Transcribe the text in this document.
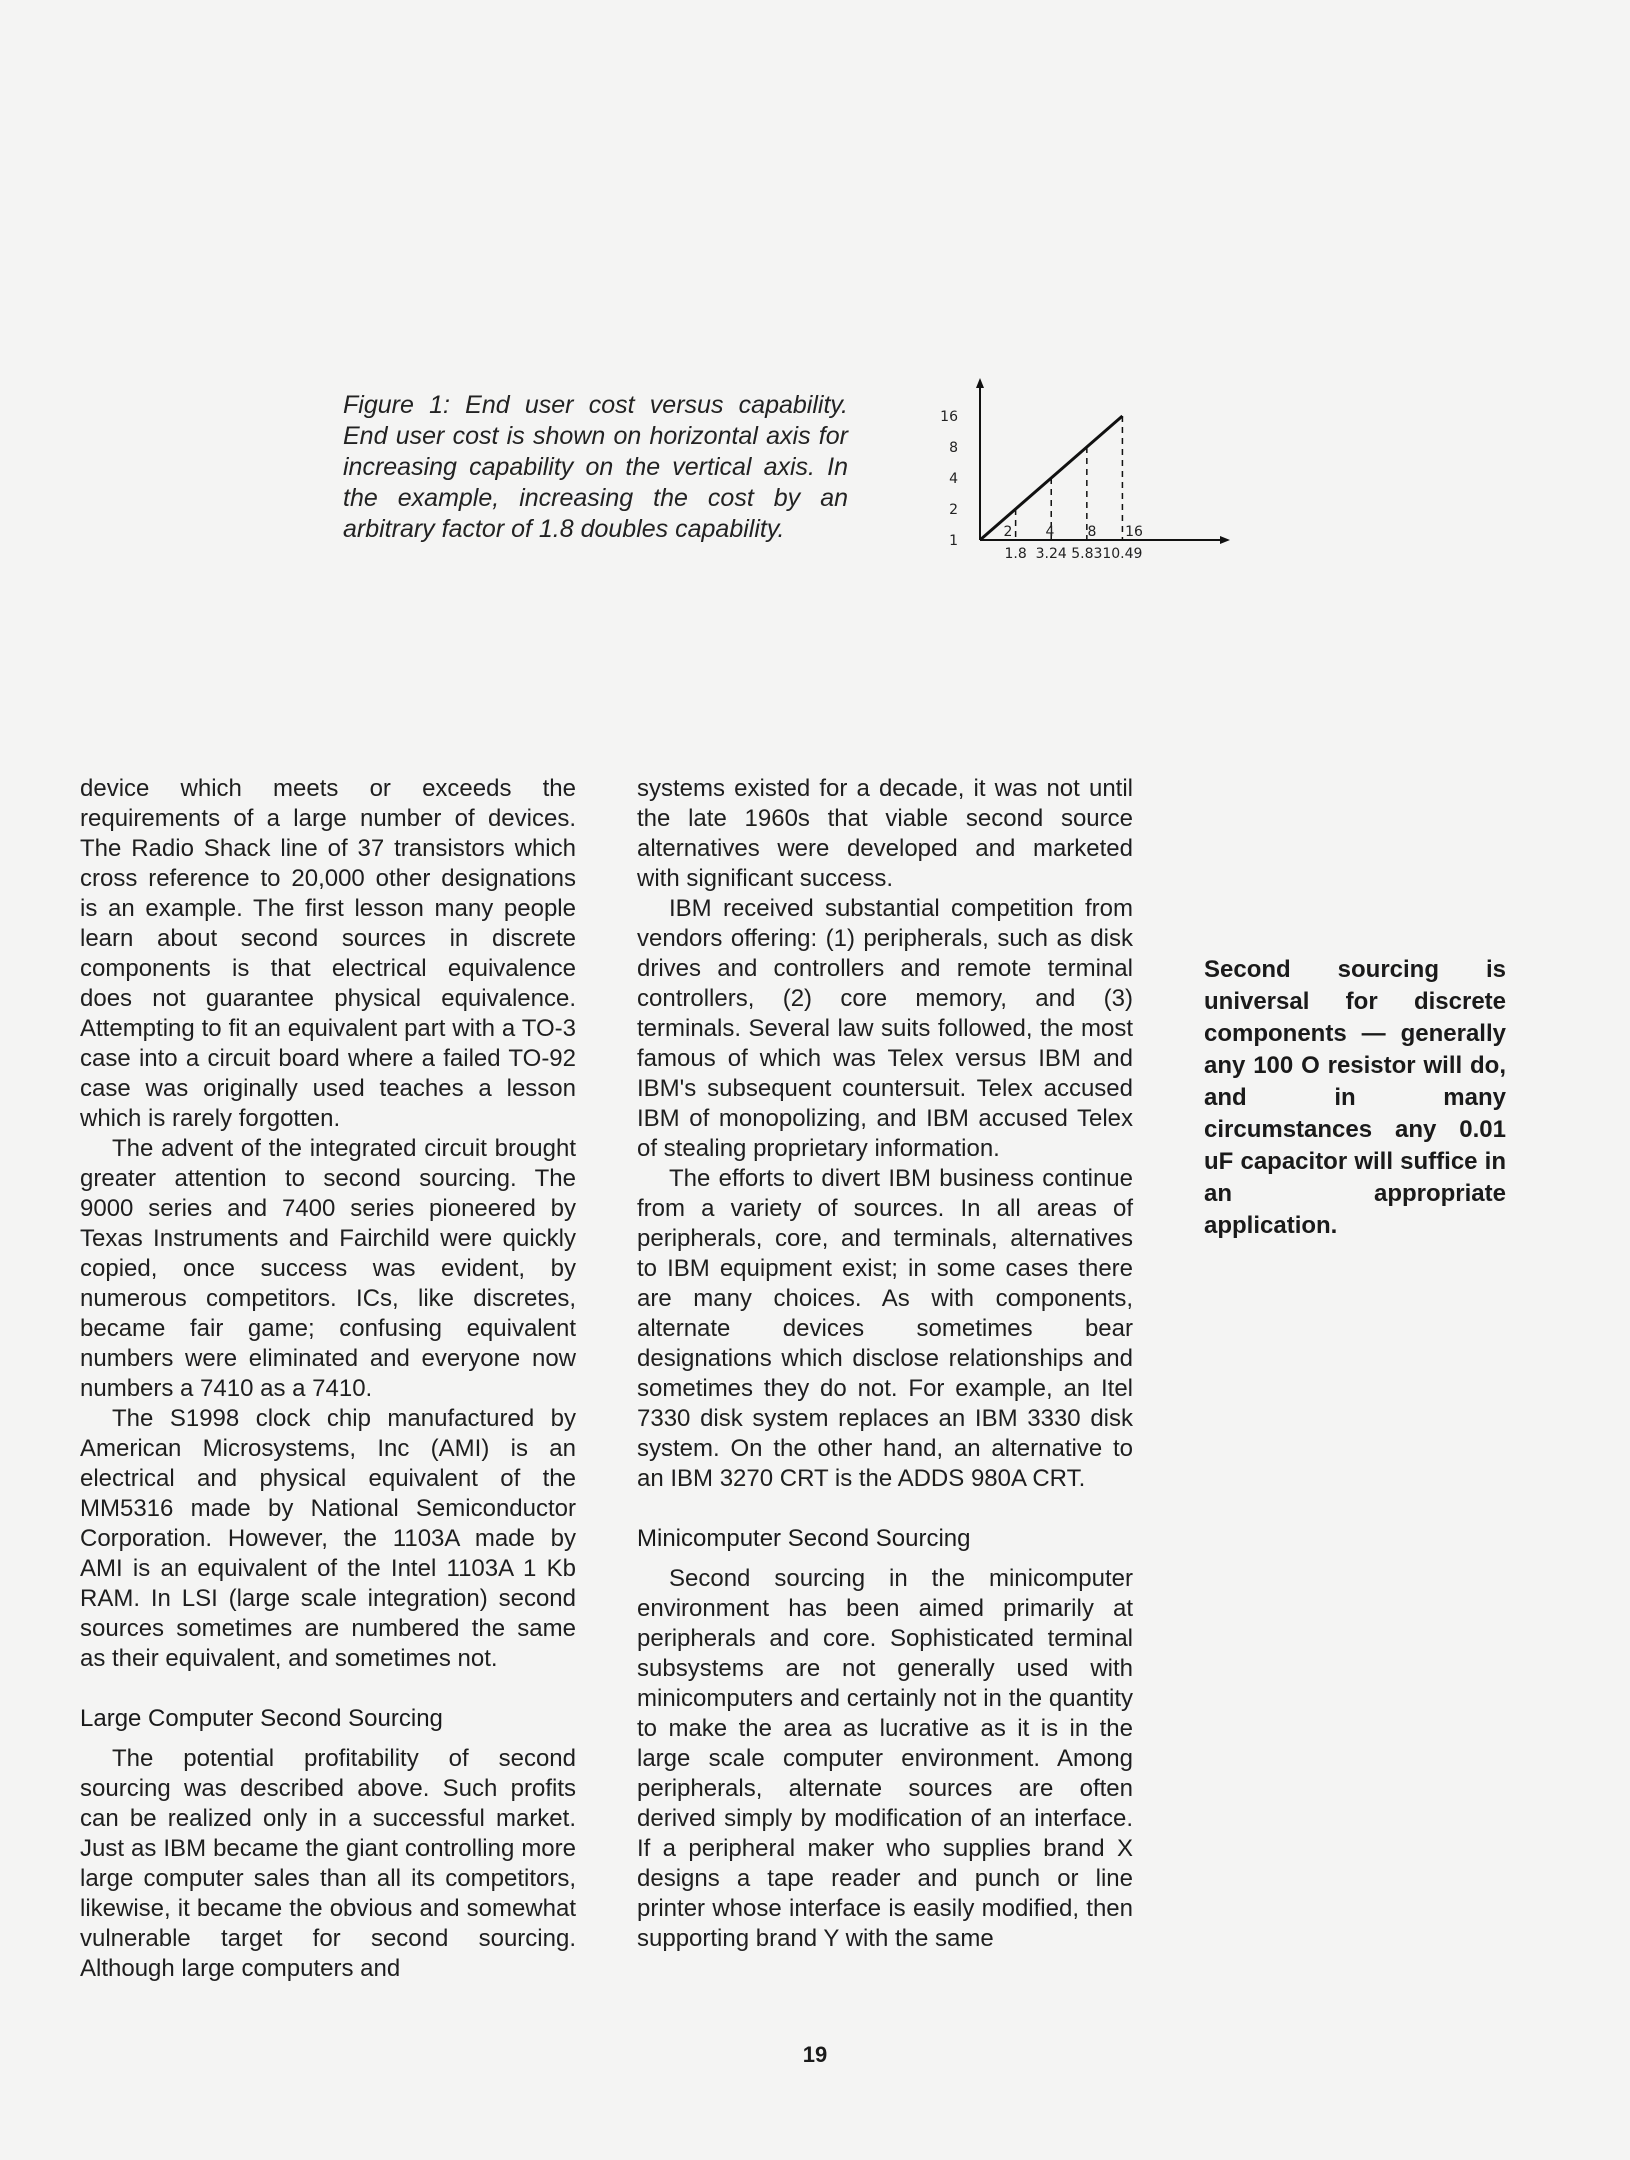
Figure 1: End user cost versus capability. End user cost is shown on horizontal axis for increasing capability on the vertical axis. In the example, increasing the cost by an arbitrary factor of 1.8 doubles capability.	1
2
4
8
16
2 4 8 16
1.8 3.24 5.83 10.49

device which meets or exceeds the requirements of a large number of devices. The Radio Shack line of 37 transistors which cross reference to 20,000 other designations is an example. The first lesson many people learn about second sources in discrete components is that electrical equivalence does not guarantee physical equivalence. Attempting to fit an equivalent part with a TO-3 case into a circuit board where a failed TO-92 case was originally used teaches a lesson which is rarely forgotten.

The advent of the integrated circuit brought greater attention to second sourcing. The 9000 series and 7400 series pioneered by Texas Instruments and Fairchild were quickly copied, once success was evident, by numerous competitors. ICs, like discretes, became fair game; confusing equivalent numbers were eliminated and everyone now numbers a 7410 as a 7410.

The S1998 clock chip manufactured by American Microsystems, Inc (AMI) is an electrical and physical equivalent of the MM5316 made by National Semiconductor Corporation. However, the 1103A made by AMI is an equivalent of the Intel 1103A 1 Kb RAM. In LSI (large scale integration) second sources sometimes are numbered the same as their equivalent, and sometimes not.

Large Computer Second Sourcing

The potential profitability of second sourcing was described above. Such profits can be realized only in a successful market. Just as IBM became the giant controlling more large computer sales than all its competitors, likewise, it became the obvious and somewhat vulnerable target for second sourcing. Although large computers and

systems existed for a decade, it was not until the late 1960s that viable second source alternatives were developed and marketed with significant success.

IBM received substantial competition from vendors offering: (1) peripherals, such as disk drives and controllers and remote terminal controllers, (2) core memory, and (3) terminals. Several law suits followed, the most famous of which was Telex versus IBM and IBM's subsequent countersuit. Telex accused IBM of monopolizing, and IBM accused Telex of stealing proprietary information.

The efforts to divert IBM business continue from a variety of sources. In all areas of peripherals, core, and terminals, alternatives to IBM equipment exist; in some cases there are many choices. As with components, alternate devices sometimes bear designations which disclose relationships and sometimes they do not. For example, an Itel 7330 disk system replaces an IBM 3330 disk system. On the other hand, an alternative to an IBM 3270 CRT is the ADDS 980A CRT.

Minicomputer Second Sourcing

Second sourcing in the minicomputer environment has been aimed primarily at peripherals and core. Sophisticated terminal subsystems are not generally used with minicomputers and certainly not in the quantity to make the area as lucrative as it is in the large scale computer environment. Among peripherals, alternate sources are often derived simply by modification of an interface. If a peripheral maker who supplies brand X designs a tape reader and punch or line printer whose interface is easily modified, then supporting brand Y with the same

Second sourcing is universal for discrete components — generally any 100 O resistor will do, and in many circumstances any 0.01 uF capacitor will suffice in an appropriate application.
19
